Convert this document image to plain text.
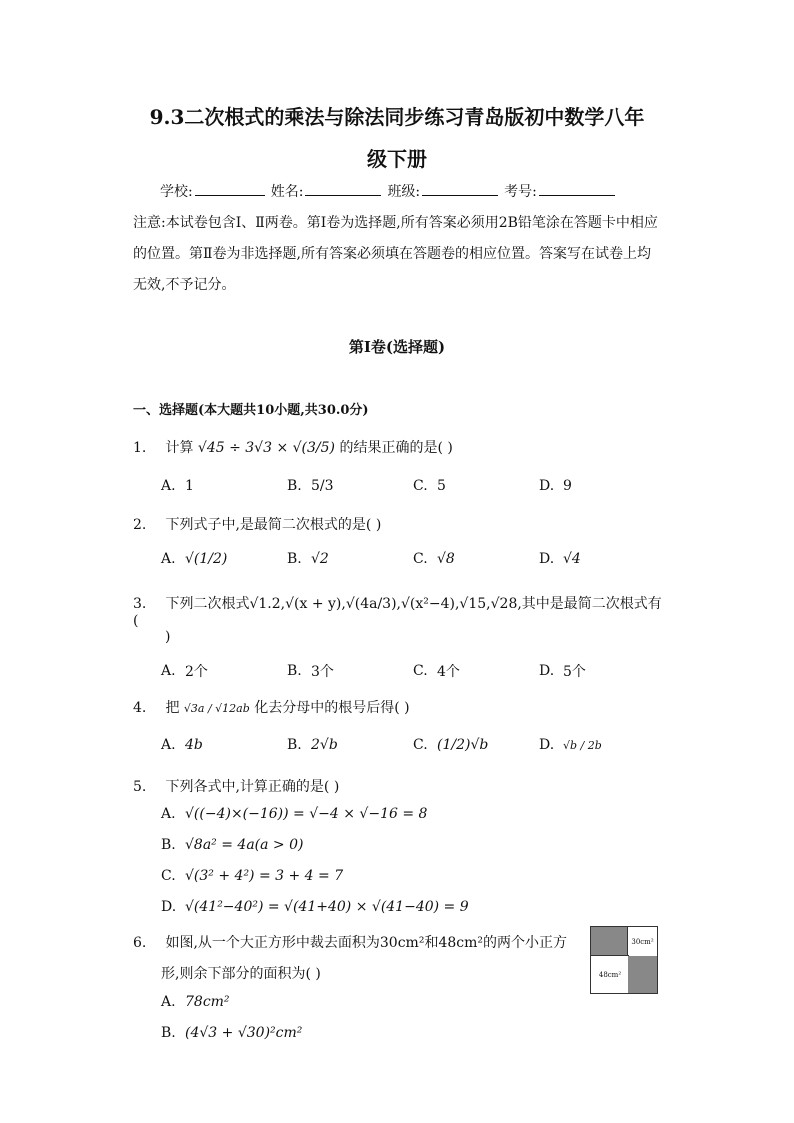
9.3二次根式的乘法与除法同步练习青岛版初中数学八年
级下册
学校:	姓名:	班级:	考号:
注意:本试卷包含Ⅰ、Ⅱ两卷。第Ⅰ卷为选择题,所有答案必须用2B铅笔涂在答题卡中相应的位置。第Ⅱ卷为非选择题,所有答案必须填在答题卷的相应位置。答案写在试卷上均无效,不予记分。
第Ⅰ卷(选择题)
一、选择题(本大题共10小题,共30.0分)
1. 计算 √45 ÷ 3√3 × √(3/5) 的结果正确的是( )
A. 1	B. 5/3	C. 5	D. 9
2. 下列式子中,是最简二次根式的是( )
A. √(1/2)	B. √2	C. √8	D. √4
3. 下列二次根式√1.2,√(x + y),√(4a/3),√(x²−4),√15,√28,其中是最简二次根式有(
)
A. 2个	B. 3个	C. 4个	D. 5个
4. 把 √3a / √12ab 化去分母中的根号后得( )
A. 4b	B. 2√b	C. (1/2)√b	D. √b / 2b
5. 下列各式中,计算正确的是( )
A. √((−4)×(−16)) = √−4 × √−16 = 8
B. √8a² = 4a(a > 0)
C. √(3² + 4²) = 3 + 4 = 7
D. √(41²−40²) = √(41+40) × √(41−40) = 9
6. 如图,从一个大正方形中裁去面积为30cm²和48cm²的两个小正方
形,则余下部分的面积为( )
A. 78cm²
B. (4√3 + √30)²cm²
30cm²
48cm²
